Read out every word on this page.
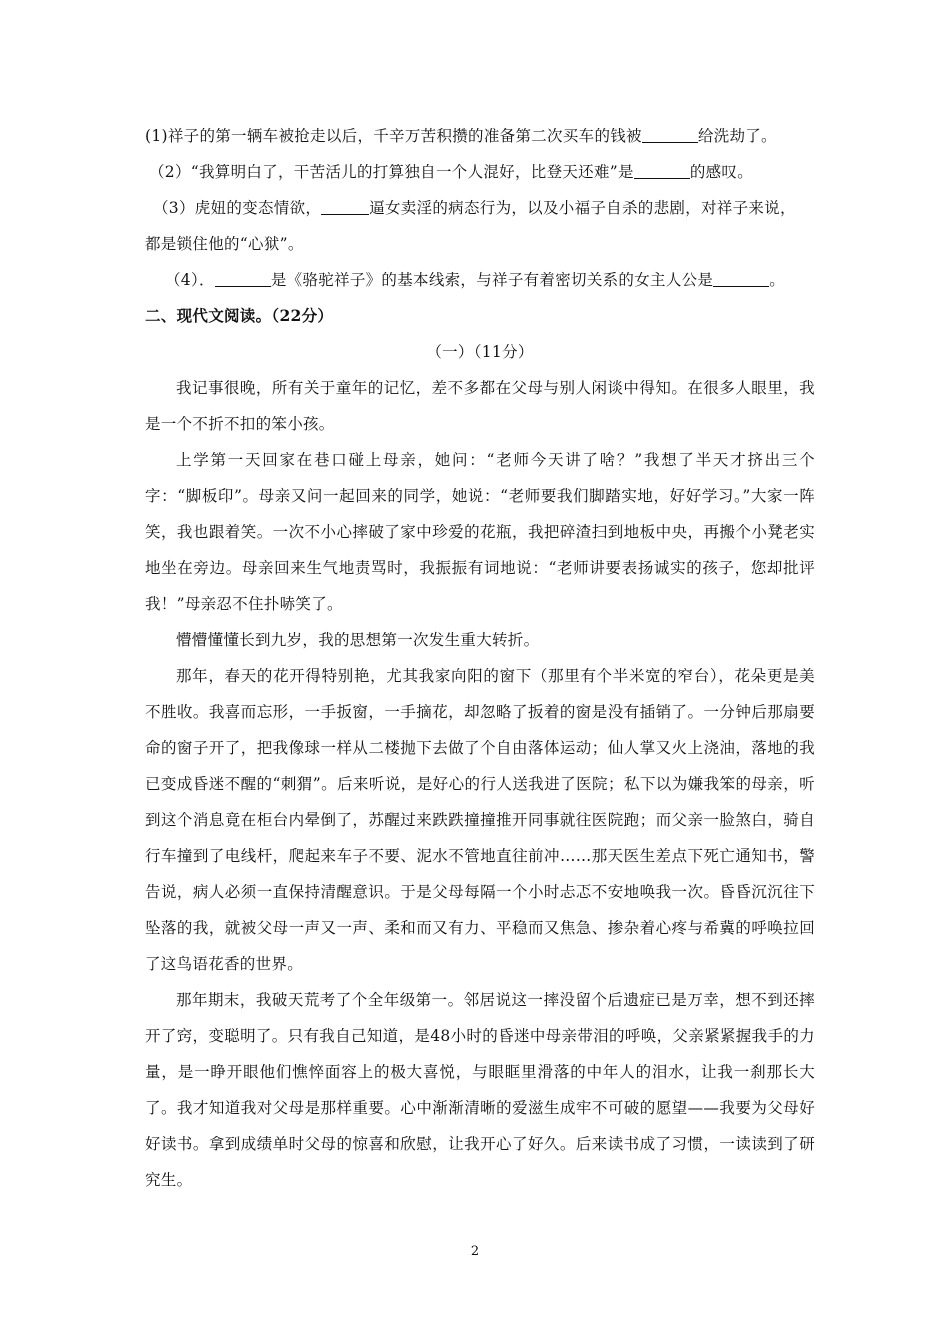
(1)祥子的第一辆车被抢走以后，千辛万苦积攒的准备第二次买车的钱被	给洗劫了。
（2）“我算明白了，干苦活儿的打算独自一个人混好，比登天还难”是	的感叹。
（3）虎妞的变态情欲，	逼女卖淫的病态行为，以及小福子自杀的悲剧，对祥子来说，
都是锁住他的“心狱”。
（4）．	是《骆驼祥子》的基本线索，与祥子有着密切关系的女主人公是	。
二、现代文阅读。（22分）
（一）（11分）
我记事很晚，所有关于童年的记忆，差不多都在父母与别人闲谈中得知。在很多人眼里，我是一个不折不扣的笨小孩。
上学第一天回家在巷口碰上母亲，她问：“老师今天讲了啥？”我想了半天才挤出三个字：“脚板印”。母亲又问一起回来的同学，她说：“老师要我们脚踏实地，好好学习。”大家一阵笑，我也跟着笑。一次不小心摔破了家中珍爱的花瓶，我把碎渣扫到地板中央，再搬个小凳老实地坐在旁边。母亲回来生气地责骂时，我振振有词地说：“老师讲要表扬诚实的孩子，您却批评我！”母亲忍不住扑哧笑了。
懵懵懂懂长到九岁，我的思想第一次发生重大转折。
那年，春天的花开得特别艳，尤其我家向阳的窗下（那里有个半米宽的窄台），花朵更是美不胜收。我喜而忘形，一手扳窗，一手摘花，却忽略了扳着的窗是没有插销了。一分钟后那扇要命的窗子开了，把我像球一样从二楼抛下去做了个自由落体运动；仙人掌又火上浇油，落地的我已变成昏迷不醒的“刺猬”。后来听说，是好心的行人送我进了医院；私下以为嫌我笨的母亲，听到这个消息竟在柜台内晕倒了，苏醒过来跌跌撞撞推开同事就往医院跑；而父亲一脸煞白，骑自行车撞到了电线杆，爬起来车子不要、泥水不管地直往前冲……那天医生差点下死亡通知书，警告说，病人必须一直保持清醒意识。于是父母每隔一个小时忐忑不安地唤我一次。昏昏沉沉往下坠落的我，就被父母一声又一声、柔和而又有力、平稳而又焦急、掺杂着心疼与希冀的呼唤拉回了这鸟语花香的世界。
那年期末，我破天荒考了个全年级第一。邻居说这一摔没留个后遗症已是万幸，想不到还摔开了窍，变聪明了。只有我自己知道，是48小时的昏迷中母亲带泪的呼唤，父亲紧紧握我手的力量，是一睁开眼他们憔悴面容上的极大喜悦，与眼眶里滑落的中年人的泪水，让我一刹那长大了。我才知道我对父母是那样重要。心中渐渐清晰的爱滋生成牢不可破的愿望——我要为父母好好读书。拿到成绩单时父母的惊喜和欣慰，让我开心了好久。后来读书成了习惯，一读读到了研究生。
2
